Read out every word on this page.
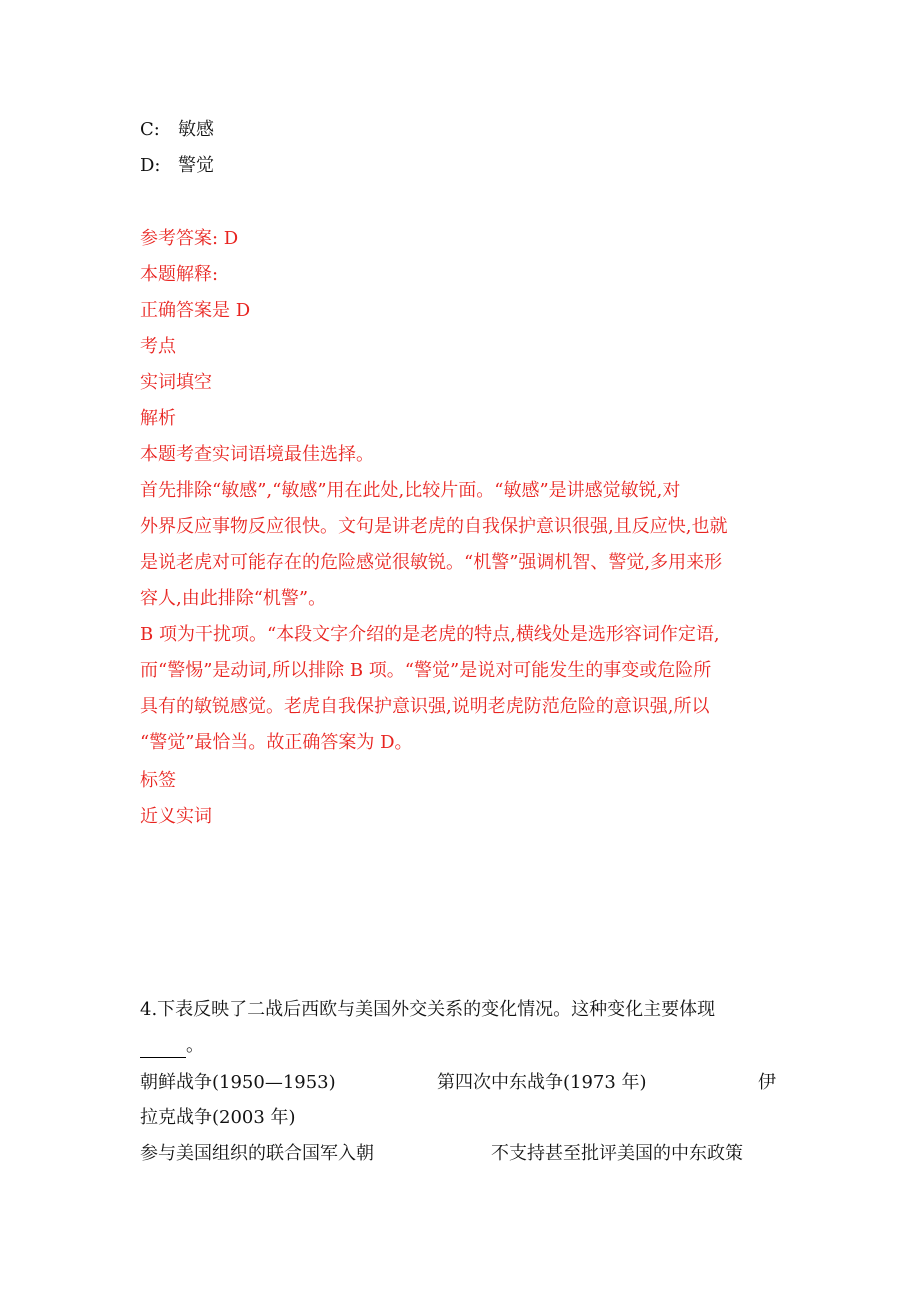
C: 敏感
D: 警觉
参考答案: D
本题解释:
正确答案是 D
考点
实词填空
解析
本题考查实词语境最佳选择。
首先排除“敏感”,“敏感”用在此处,比较片面。“敏感”是讲感觉敏锐,对
外界反应事物反应很快。文句是讲老虎的自我保护意识很强,且反应快,也就
是说老虎对可能存在的危险感觉很敏锐。“机警”强调机智、警觉,多用来形
容人,由此排除“机警”。
B 项为干扰项。“本段文字介绍的是老虎的特点,横线处是选形容词作定语,
而“警惕”是动词,所以排除 B 项。“警觉”是说对可能发生的事变或危险所
具有的敏锐感觉。老虎自我保护意识强,说明老虎防范危险的意识强,所以
“警觉”最恰当。故正确答案为 D。
标签
近义实词
4.下表反映了二战后西欧与美国外交关系的变化情况。这种变化主要体现
。
朝鲜战争(1950—1953)	第四次中东战争(1973 年)	伊
拉克战争(2003 年)
参与美国组织的联合国军入朝	不支持甚至批评美国的中东政策
